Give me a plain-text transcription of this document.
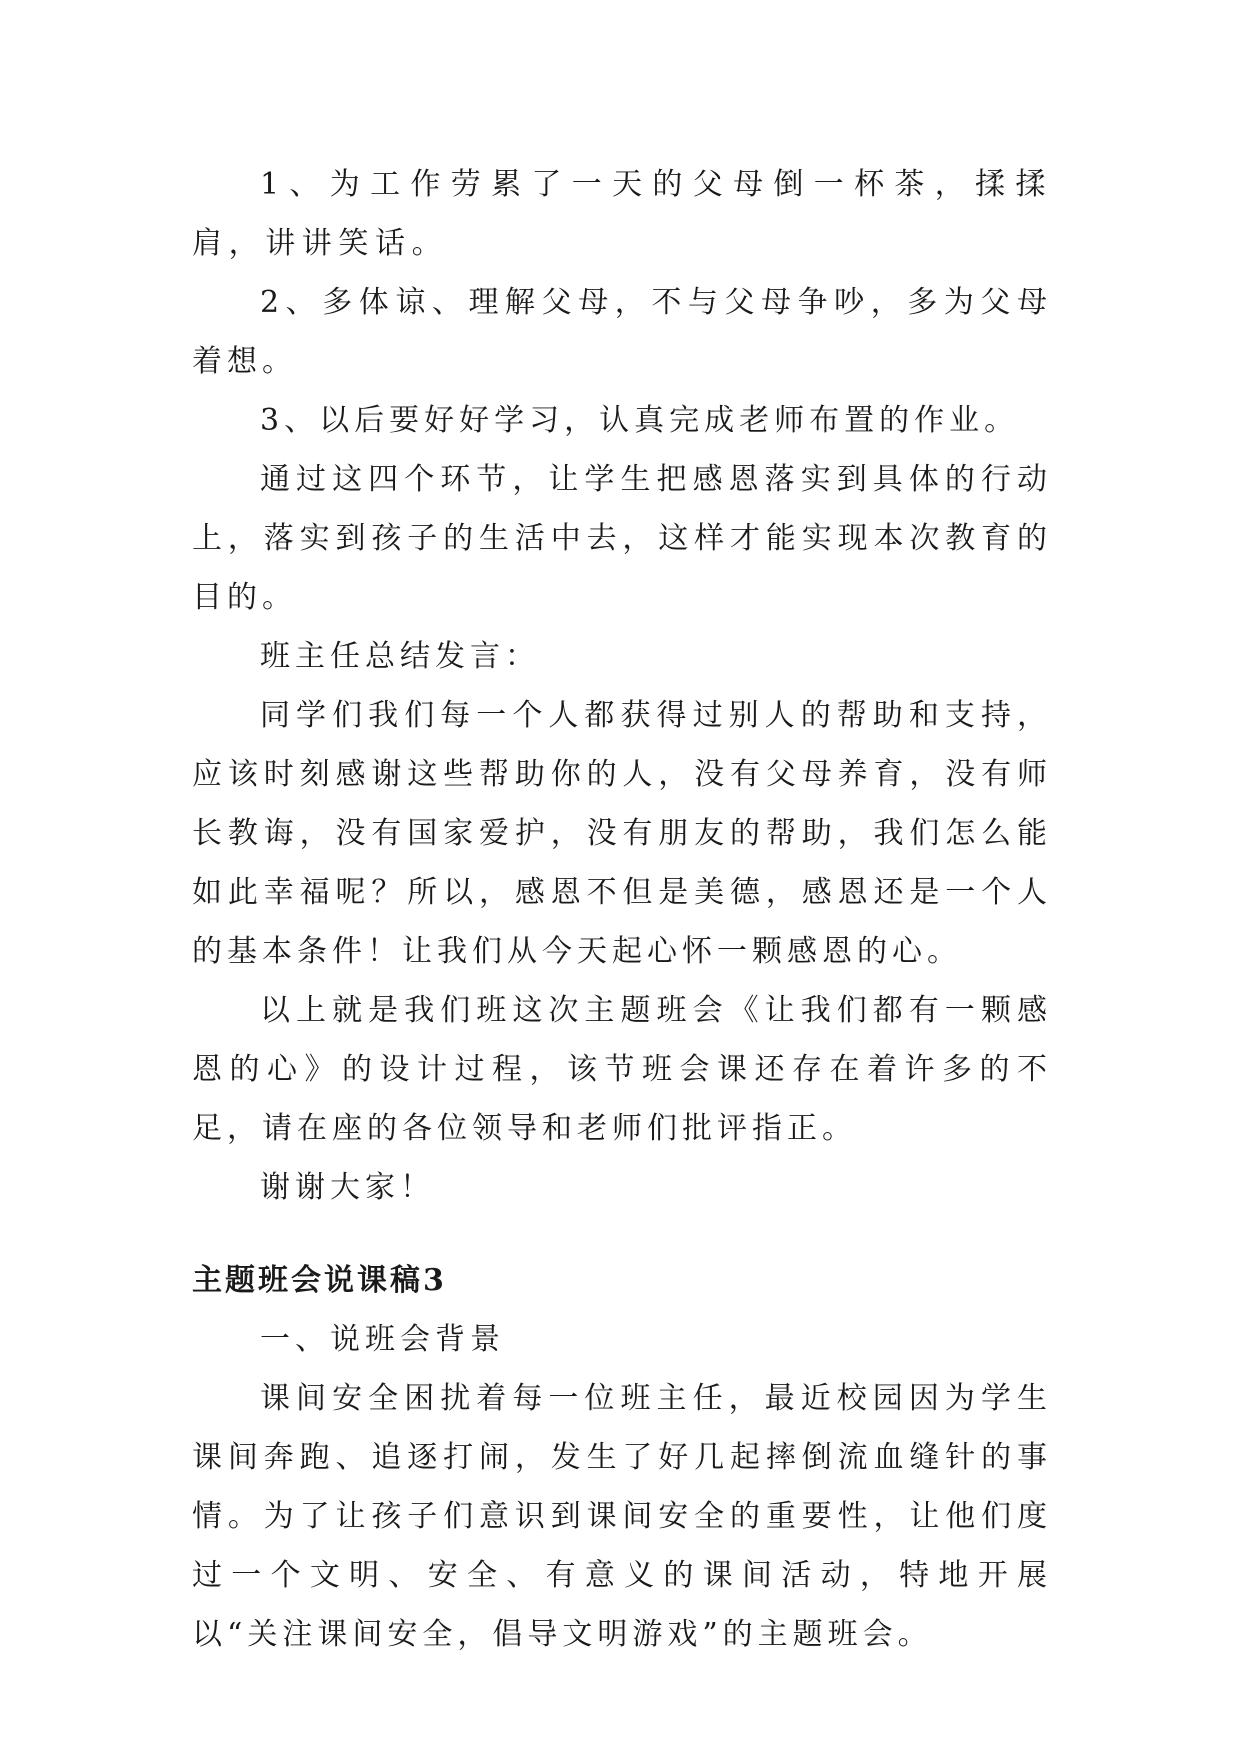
1、为工作劳累了一天的父母倒一杯茶，揉揉肩，讲讲笑话。

2、多体谅、理解父母，不与父母争吵，多为父母着想。

3、以后要好好学习，认真完成老师布置的作业。

通过这四个环节，让学生把感恩落实到具体的行动上，落实到孩子的生活中去，这样才能实现本次教育的目的。

班主任总结发言：

同学们我们每一个人都获得过别人的帮助和支持，应该时刻感谢这些帮助你的人，没有父母养育，没有师长教诲，没有国家爱护，没有朋友的帮助，我们怎么能如此幸福呢？所以，感恩不但是美德，感恩还是一个人的基本条件！让我们从今天起心怀一颗感恩的心。

以上就是我们班这次主题班会《让我们都有一颗感恩的心》的设计过程，该节班会课还存在着许多的不足，请在座的各位领导和老师们批评指正。

谢谢大家！

主题班会说课稿3

一、说班会背景

课间安全困扰着每一位班主任，最近校园因为学生课间奔跑、追逐打闹，发生了好几起摔倒流血缝针的事情。为了让孩子们意识到课间安全的重要性，让他们度过一个文明、安全、有意义的课间活动，特地开展以“关注课间安全，倡导文明游戏”的主题班会。
